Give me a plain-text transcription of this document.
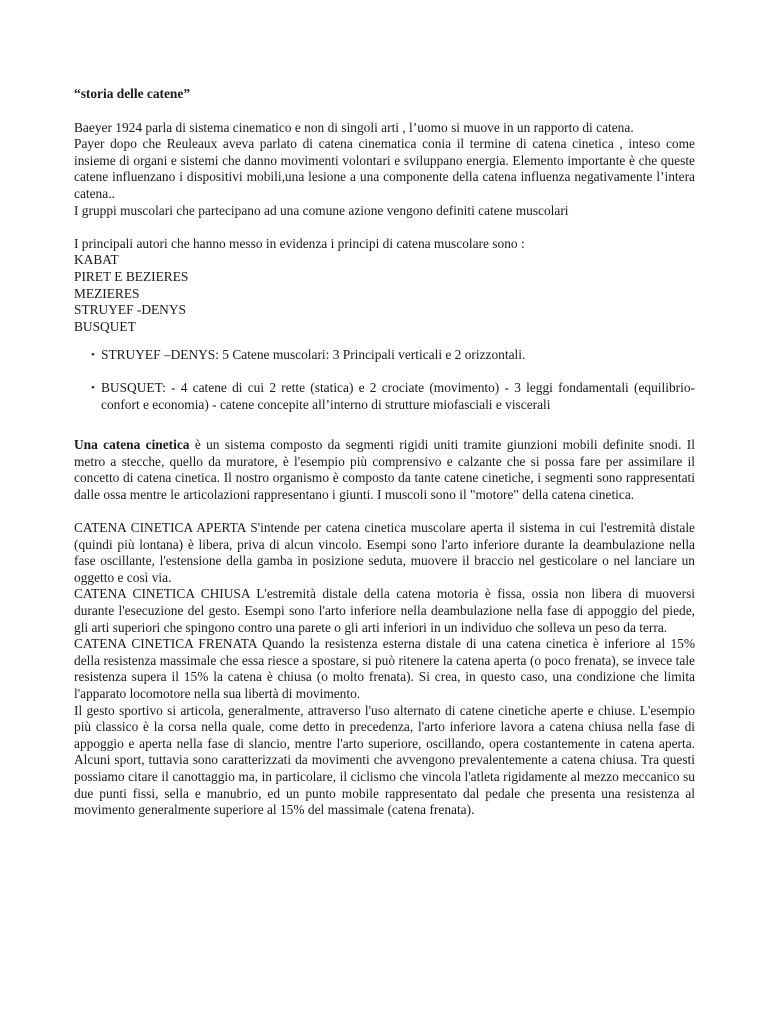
“storia delle catene”

Baeyer 1924 parla di sistema cinematico e non di singoli arti , l’uomo si muove in un rapporto di catena.

Payer dopo che Reuleaux aveva parlato di catena cinematica conia il termine di catena cinetica , inteso come insieme di organi e sistemi che danno movimenti volontari e sviluppano energia. Elemento importante è che queste catene influenzano i dispositivi mobili,una lesione a una componente della catena influenza negativamente l’intera catena..

I gruppi muscolari che partecipano ad una comune azione vengono definiti catene muscolari

I principali autori che hanno messo in evidenza i principi di catena muscolare sono :

KABAT

PIRET E BEZIERES

MEZIERES

STRUYEF -DENYS

BUSQUET

• STRUYEF –DENYS: 5 Catene muscolari: 3 Principali verticali e 2 orizzontali.
• BUSQUET: - 4 catene di cui 2 rette (statica) e 2 crociate (movimento) - 3 leggi fondamentali (equilibrio-confort e economia) - catene concepite all’interno di strutture miofasciali e viscerali

Una catena cinetica è un sistema composto da segmenti rigidi uniti tramite giunzioni mobili definite snodi. Il metro a stecche, quello da muratore, è l'esempio più comprensivo e calzante che si possa fare per assimilare il concetto di catena cinetica. Il nostro organismo è composto da tante catene cinetiche, i segmenti sono rappresentati dalle ossa mentre le articolazioni rappresentano i giunti. I muscoli sono il "motore" della catena cinetica.

CATENA CINETICA APERTA S'intende per catena cinetica muscolare aperta il sistema in cui l'estremità distale (quindi più lontana) è libera, priva di alcun vincolo. Esempi sono l'arto inferiore durante la deambulazione nella fase oscillante, l'estensione della gamba in posizione seduta, muovere il braccio nel gesticolare o nel lanciare un oggetto e così via.

CATENA CINETICA CHIUSA L'estremità distale della catena motoria è fissa, ossia non libera di muoversi durante l'esecuzione del gesto. Esempi sono l'arto inferiore nella deambulazione nella fase di appoggio del piede, gli arti superiori che spingono contro una parete o gli arti inferiori in un individuo che solleva un peso da terra.

CATENA CINETICA FRENATA Quando la resistenza esterna distale di una catena cinetica è inferiore al 15% della resistenza massimale che essa riesce a spostare, si può ritenere la catena aperta (o poco frenata), se invece tale resistenza supera il 15% la catena è chiusa (o molto frenata). Si crea, in questo caso, una condizione che limita l'apparato locomotore nella sua libertà di movimento.

Il gesto sportivo si articola, generalmente, attraverso l'uso alternato di catene cinetiche aperte e chiuse. L'esempio più classico è la corsa nella quale, come detto in precedenza, l'arto inferiore lavora a catena chiusa nella fase di appoggio e aperta nella fase di slancio, mentre l'arto superiore, oscillando, opera costantemente in catena aperta. Alcuni sport, tuttavia sono caratterizzati da movimenti che avvengono prevalentemente a catena chiusa. Tra questi possiamo citare il canottaggio ma, in particolare, il ciclismo che vincola l'atleta rigidamente al mezzo meccanico su due punti fissi, sella e manubrio, ed un punto mobile rappresentato dal pedale che presenta una resistenza al movimento generalmente superiore al 15% del massimale (catena frenata).
